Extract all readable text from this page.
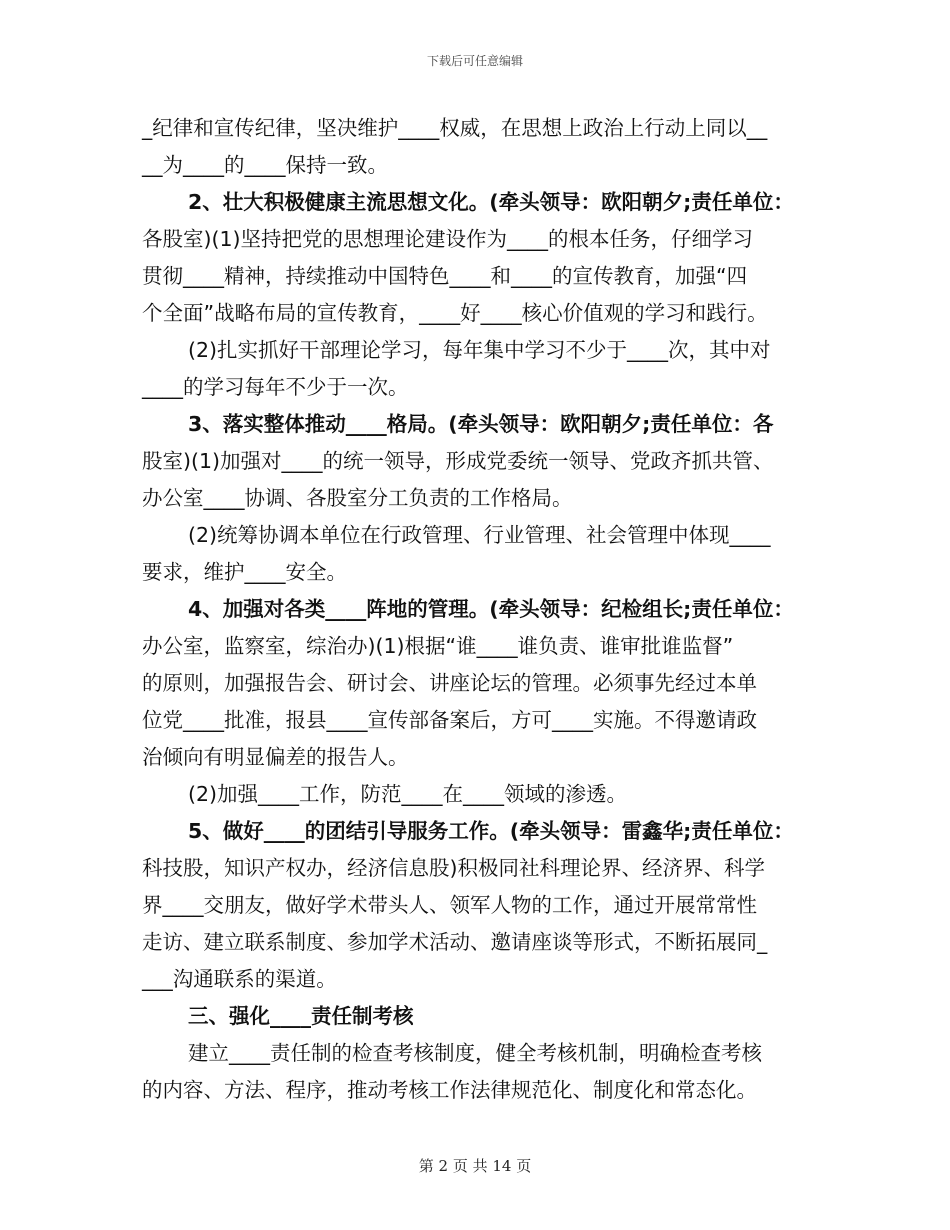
下载后可任意编辑
_纪律和宣传纪律，坚决维护____权威，在思想上政治上行动上同以__
__为____的____保持一致。
2、壮大积极健康主流思想文化。(牵头领导：欧阳朝夕;责任单位：
各股室)(1)坚持把党的思想理论建设作为____的根本任务，仔细学习
贯彻____精神，持续推动中国特色____和____的宣传教育，加强“四
个全面”战略布局的宣传教育，____好____核心价值观的学习和践行。
(2)扎实抓好干部理论学习，每年集中学习不少于____次，其中对
____的学习每年不少于一次。
3、落实整体推动____格局。(牵头领导：欧阳朝夕;责任单位：各
股室)(1)加强对____的统一领导，形成党委统一领导、党政齐抓共管、
办公室____协调、各股室分工负责的工作格局。
(2)统筹协调本单位在行政管理、行业管理、社会管理中体现____
要求，维护____安全。
4、加强对各类____阵地的管理。(牵头领导：纪检组长;责任单位：
办公室，监察室，综治办)(1)根据“谁____谁负责、谁审批谁监督”
的原则，加强报告会、研讨会、讲座论坛的管理。必须事先经过本单
位党____批准，报县____宣传部备案后，方可____实施。不得邀请政
治倾向有明显偏差的报告人。
(2)加强____工作，防范____在____领域的渗透。
5、做好____的团结引导服务工作。(牵头领导：雷鑫华;责任单位：
科技股，知识产权办，经济信息股)积极同社科理论界、经济界、科学
界____交朋友，做好学术带头人、领军人物的工作，通过开展常常性
走访、建立联系制度、参加学术活动、邀请座谈等形式，不断拓展同_
___沟通联系的渠道。
三、强化____责任制考核
建立____责任制的检查考核制度，健全考核机制，明确检查考核
的内容、方法、程序，推动考核工作法律规范化、制度化和常态化。
第 2 页 共 14 页
